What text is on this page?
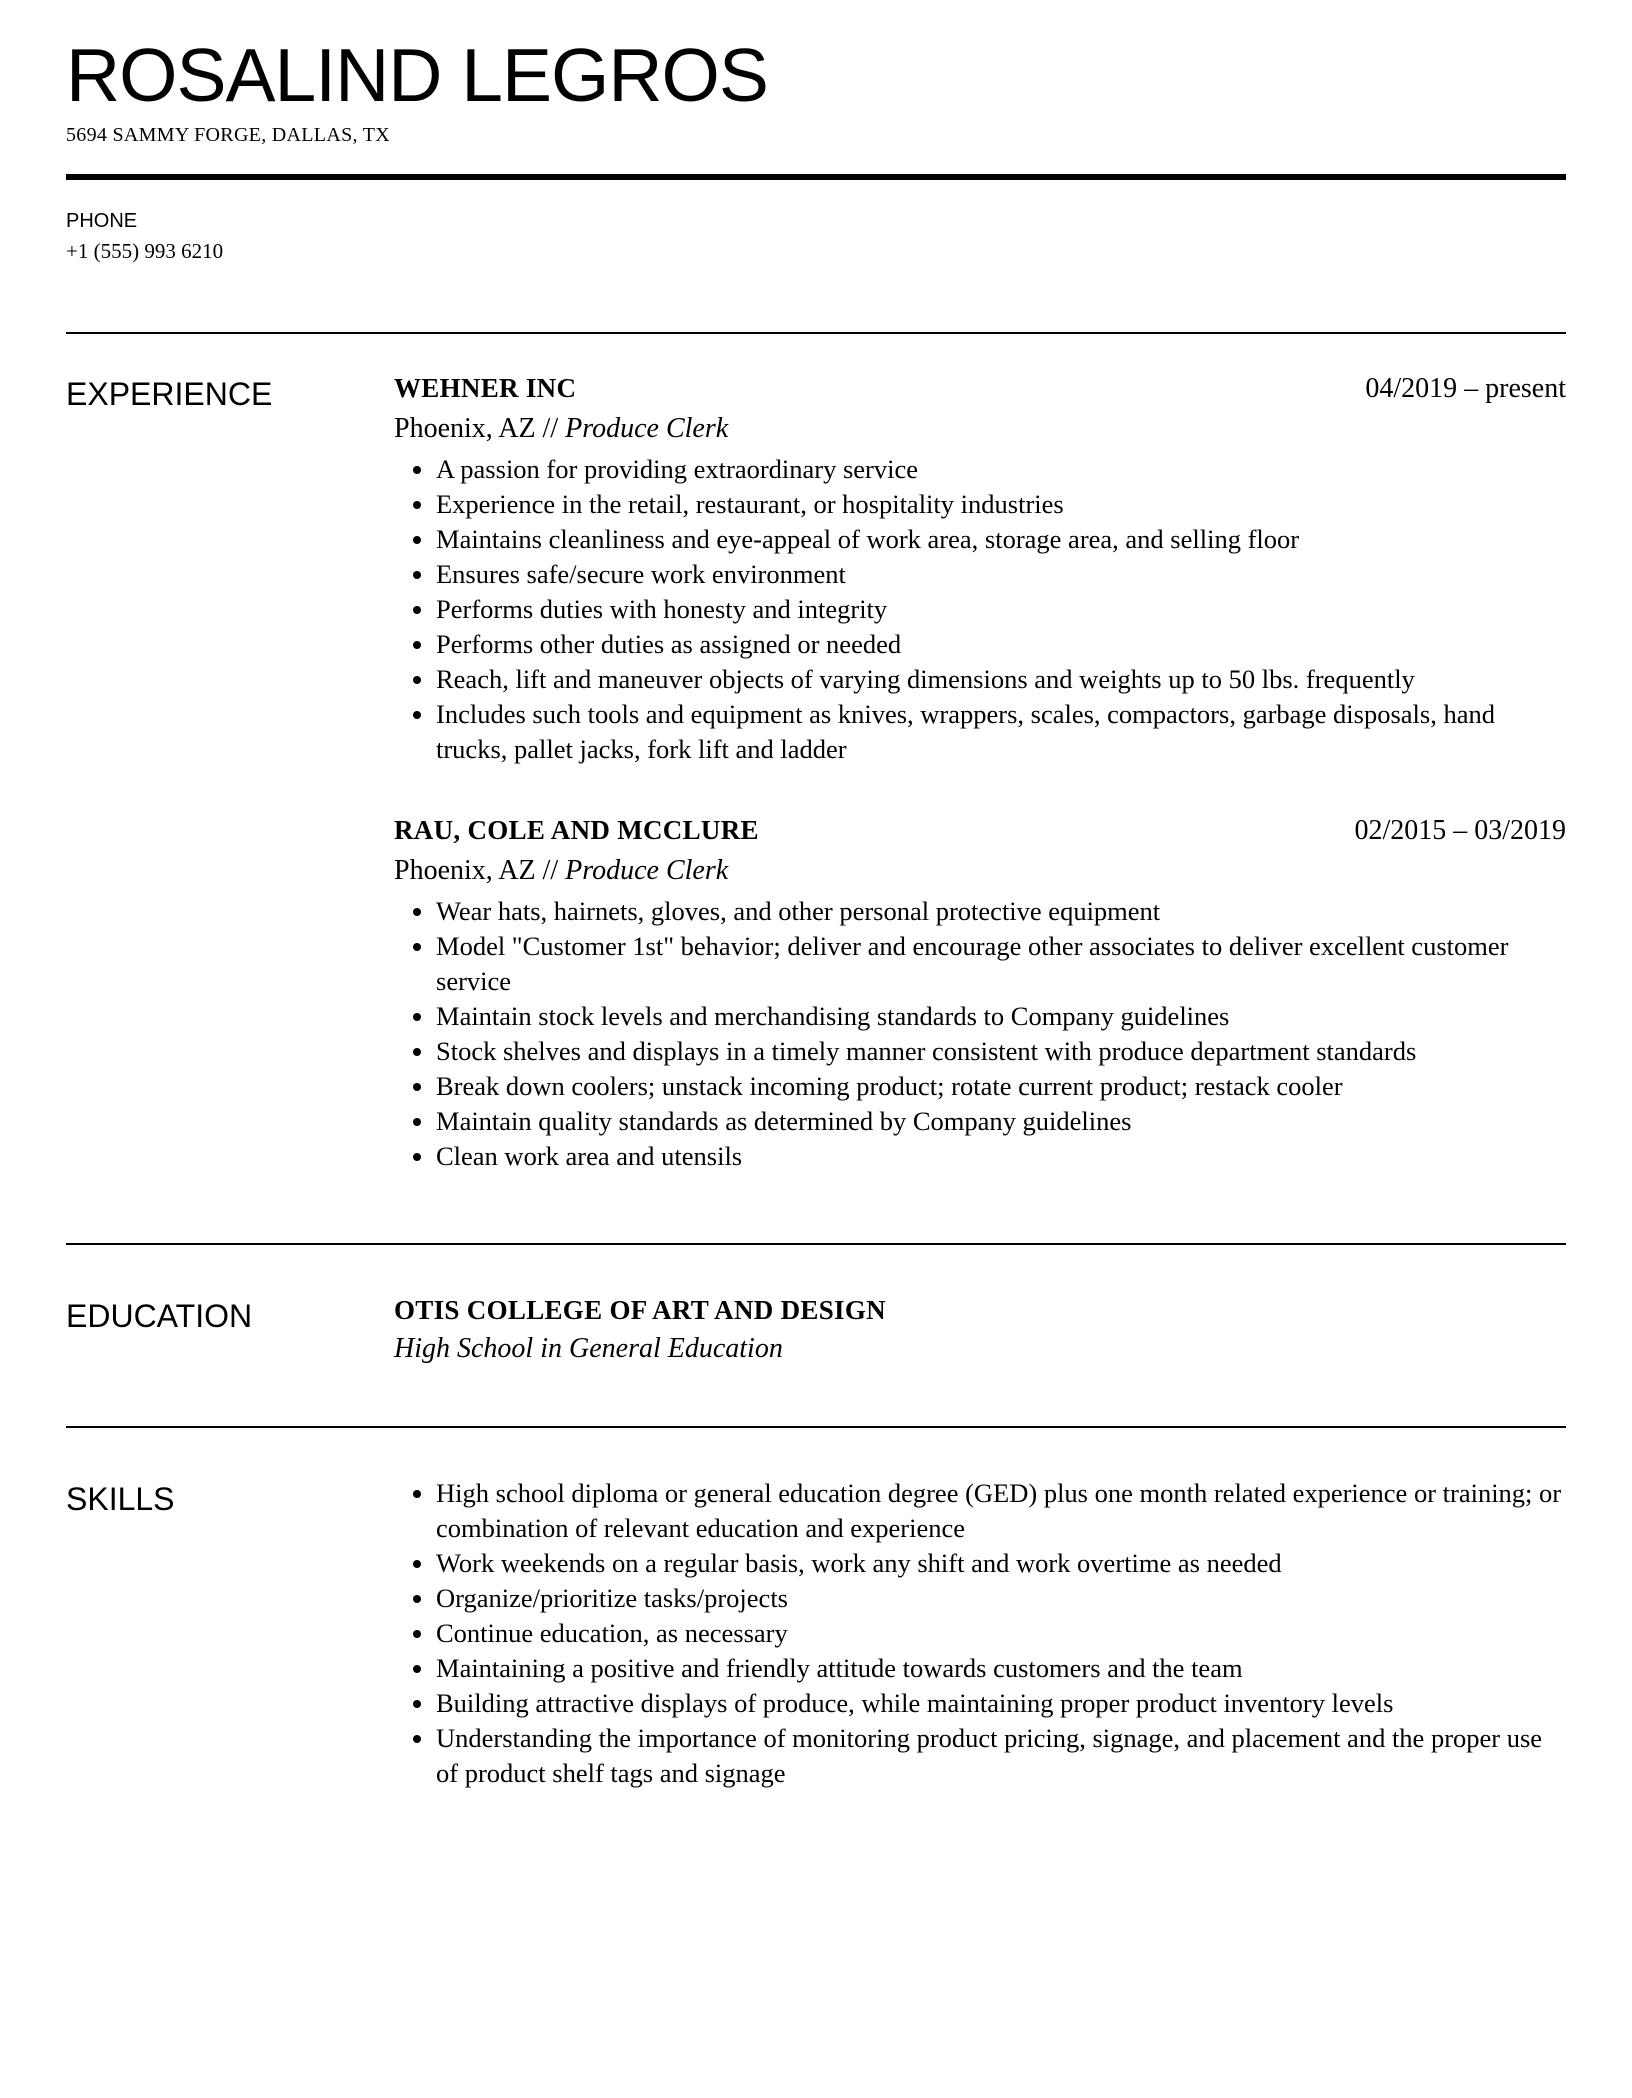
ROSALIND LEGROS
5694 SAMMY FORGE, DALLAS, TX
PHONE
+1 (555) 993 6210
EXPERIENCE	WEHNER INC	04/2019 – present
Phoenix, AZ // Produce Clerk
• A passion for providing extraordinary service
• Experience in the retail, restaurant, or hospitality industries
• Maintains cleanliness and eye-appeal of work area, storage area, and selling floor
• Ensures safe/secure work environment
• Performs duties with honesty and integrity
• Performs other duties as assigned or needed
• Reach, lift and maneuver objects of varying dimensions and weights up to 50 lbs. frequently
• Includes such tools and equipment as knives, wrappers, scales, compactors, garbage disposals, hand trucks, pallet jacks, fork lift and ladder
RAU, COLE AND MCCLURE	02/2015 – 03/2019
Phoenix, AZ // Produce Clerk
• Wear hats, hairnets, gloves, and other personal protective equipment
• Model "Customer 1st" behavior; deliver and encourage other associates to deliver excellent customer service
• Maintain stock levels and merchandising standards to Company guidelines
• Stock shelves and displays in a timely manner consistent with produce department standards
• Break down coolers; unstack incoming product; rotate current product; restack cooler
• Maintain quality standards as determined by Company guidelines
• Clean work area and utensils
EDUCATION	OTIS COLLEGE OF ART AND DESIGN
High School in General Education
SKILLS
•	High school diploma or general education degree (GED) plus one month related experience or training; or combination of relevant education and experience
• Work weekends on a regular basis, work any shift and work overtime as needed
• Organize/prioritize tasks/projects
• Continue education, as necessary
• Maintaining a positive and friendly attitude towards customers and the team
• Building attractive displays of produce, while maintaining proper product inventory levels
• Understanding the importance of monitoring product pricing, signage, and placement and the proper use of product shelf tags and signage
